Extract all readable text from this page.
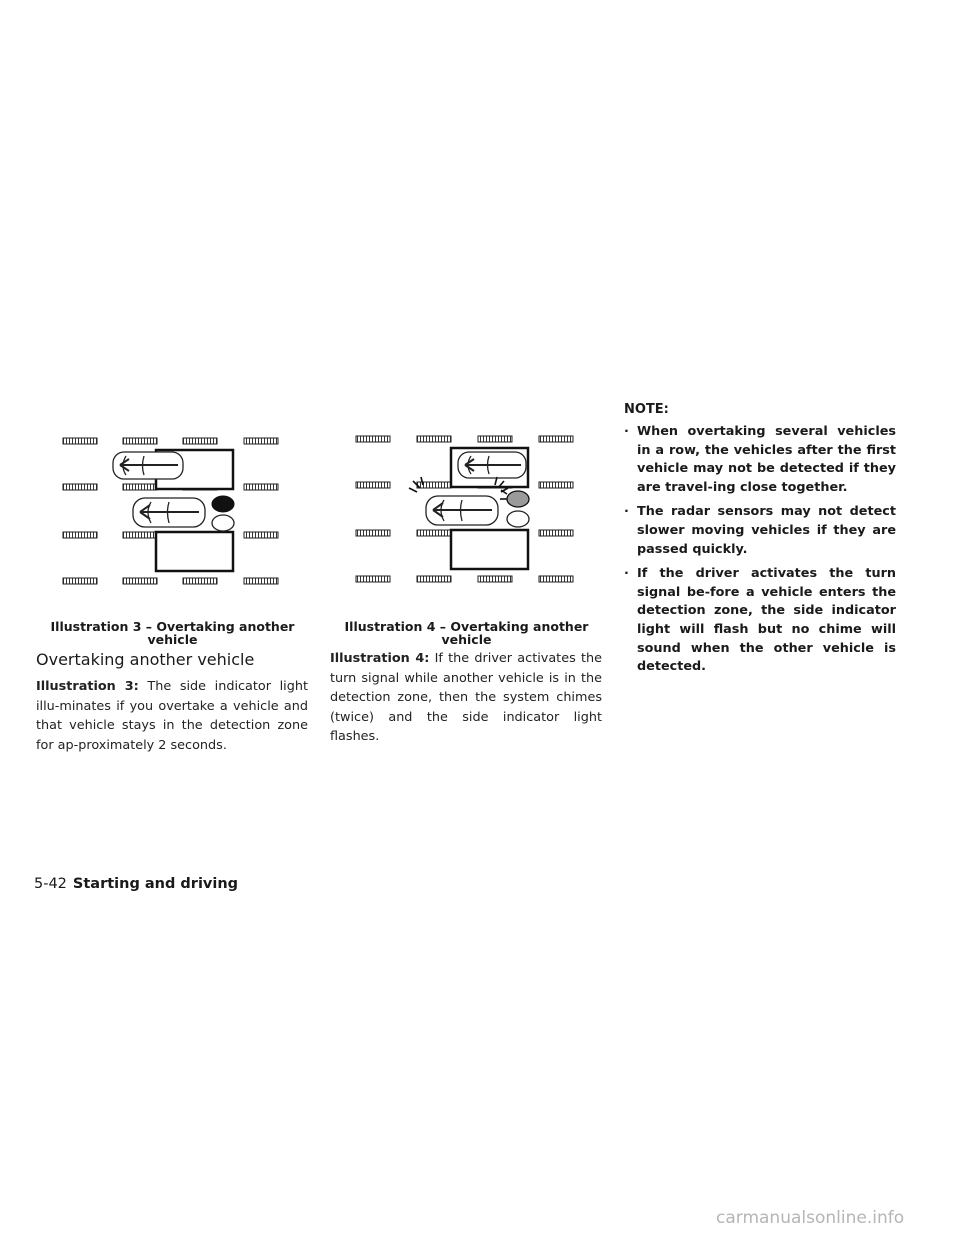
Illustration 3 – Overtaking another
vehicle
Illustration 4 – Overtaking another
vehicle
Overtaking another vehicle
Illustration 3: The side indicator light illu-minates if you overtake a vehicle and that vehicle stays in the detection zone for ap-proximately 2 seconds.
Illustration 4: If the driver activates the turn signal while another vehicle is in the detection zone, then the system chimes (twice) and the side indicator light flashes.
NOTE:
· When overtaking several vehicles in a row, the vehicles after the first vehicle may not be detected if they are travel-ing close together.
· The radar sensors may not detect slower moving vehicles if they are passed quickly.
· If the driver activates the turn signal be-fore a vehicle enters the detection zone, the side indicator light will flash but no chime will sound when the other vehicle is detected.
5-42 Starting and driving
carmanualsonline.info
